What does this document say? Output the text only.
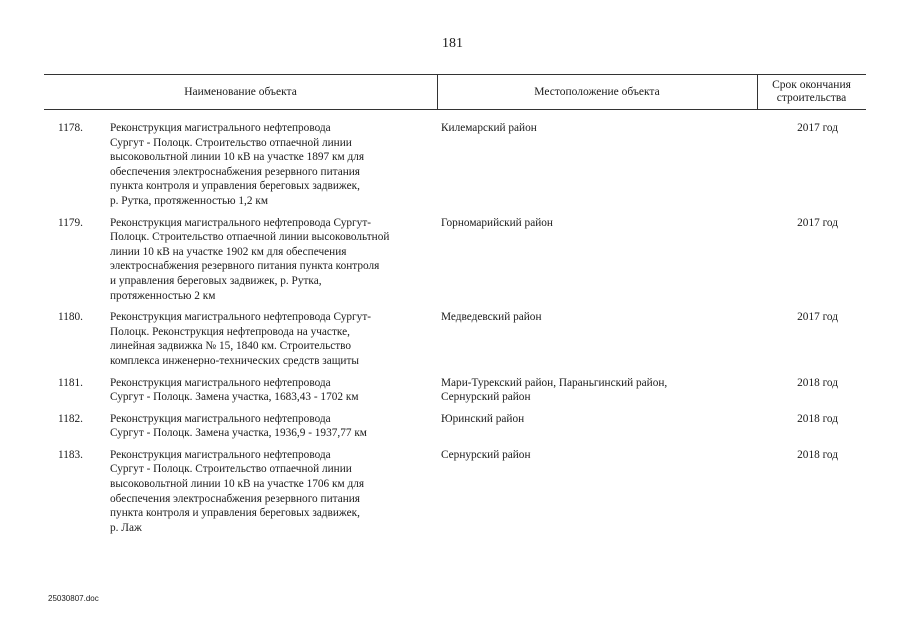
181
Наименование объекта	Местоположение объекта
Срок окончания строительства
1178.	Реконструкция магистрального нефтепровода
Сургут - Полоцк. Строительство отпаечной линии
высоковольтной линии 10 кВ на участке 1897 км для
обеспечения электроснабжения резервного питания
пункта контроля и управления береговых задвижек,
р. Рутка, протяженностью 1,2 км
Килемарский район	2017 год
1179.	Реконструкция магистрального нефтепровода Сургут-
Полоцк. Строительство отпаечной линии высоковольтной
линии 10 кВ на участке 1902 км для обеспечения
электроснабжения резервного питания пункта контроля
и управления береговых задвижек, р. Рутка,
протяженностью 2 км
Горномарийский район	2017 год
1180.	Реконструкция магистрального нефтепровода Сургут-
Полоцк. Реконструкция нефтепровода на участке,
линейная задвижка № 15, 1840 км. Строительство
комплекса инженерно-технических средств защиты
Медведевский район	2017 год
1181.	Реконструкция магистрального нефтепровода
Сургут - Полоцк. Замена участка, 1683,43 - 1702 км
Мари-Турекский район, Параньгинский район,
Сернурский район
2018 год
1182.	Реконструкция магистрального нефтепровода
Сургут - Полоцк. Замена участка, 1936,9 - 1937,77 км
Юринский район	2018 год
1183.	Реконструкция магистрального нефтепровода
Сургут - Полоцк. Строительство отпаечной линии
высоковольтной линии 10 кВ на участке 1706 км для
обеспечения электроснабжения резервного питания
пункта контроля и управления береговых задвижек,
р. Лаж
Сернурский район	2018 год
25030807.doc
